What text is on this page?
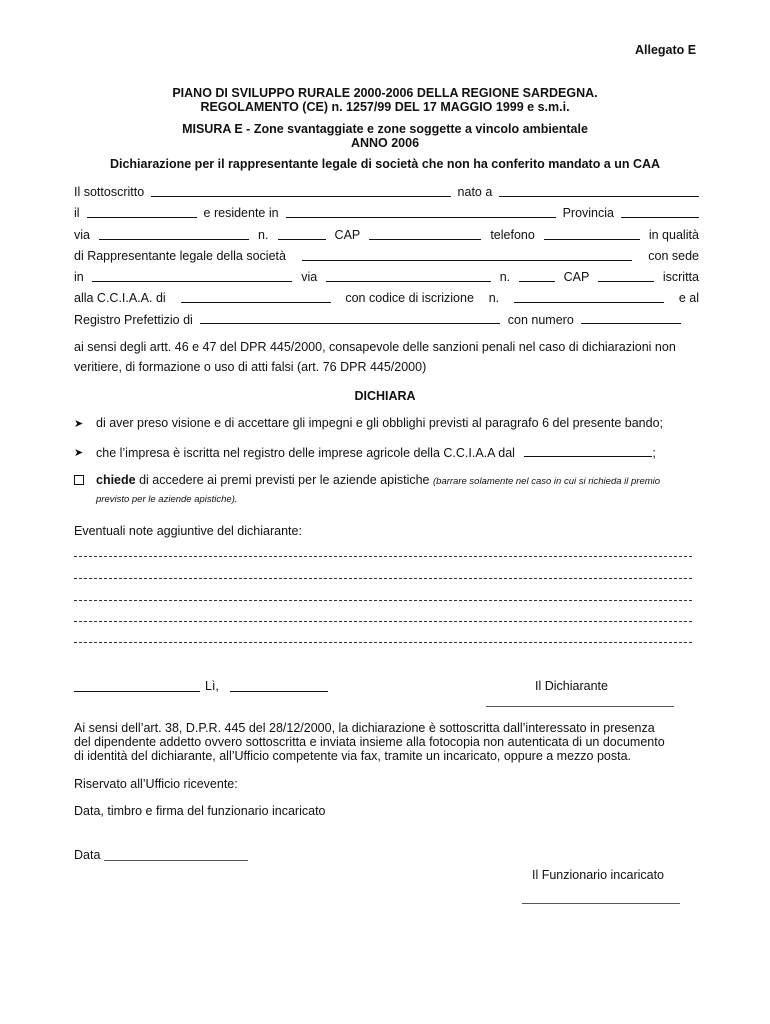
Allegato E
PIANO DI SVILUPPO RURALE 2000-2006 DELLA REGIONE SARDEGNA.
REGOLAMENTO (CE) n. 1257/99 DEL 17 MAGGIO 1999 e s.m.i.
MISURA E - Zone svantaggiate e zone soggette a vincolo ambientale
ANNO 2006
Dichiarazione per il rappresentante legale di società che non ha conferito mandato a un CAA
Il sottoscritto	nato a
il	e residente in	Provincia
via	n.	CAP	telefono	in qualità
di Rappresentante legale della società	con sede
in	via	n.	CAP	iscritta
alla C.C.I.A.A. di	con codice di iscrizione n.	e al
Registro Prefettizio di	con numero
ai sensi degli artt. 46 e 47 del DPR 445/2000, consapevole delle sanzioni penali nel caso di dichiarazioni non
veritiere, di formazione o uso di atti falsi (art. 76 DPR 445/2000)
DICHIARA
➤ di aver preso visione e di accettare gli impegni e gli obblighi previsti al paragrafo 6 del presente bando;
➤ che l’impresa è iscritta nel registro delle imprese agricole della C.C.I.A.A dal	;
chiede di accedere ai premi previsti per le aziende apistiche (barrare solamente nel caso in cui si richieda il premio
previsto per le aziende apistiche).
Eventuali note aggiuntive del dichiarante:
Lì,	Il Dichiarante
Ai sensi dell’art. 38, D.P.R. 445 del 28/12/2000, la dichiarazione è sottoscritta dall’interessato in presenza
del dipendente addetto ovvero sottoscritta e inviata insieme alla fotocopia non autenticata di un documento
di identità del dichiarante, all’Ufficio competente via fax, tramite un incaricato, oppure a mezzo posta.
Riservato all’Ufficio ricevente:
Data, timbro e firma del funzionario incaricato
Data
Il Funzionario incaricato
